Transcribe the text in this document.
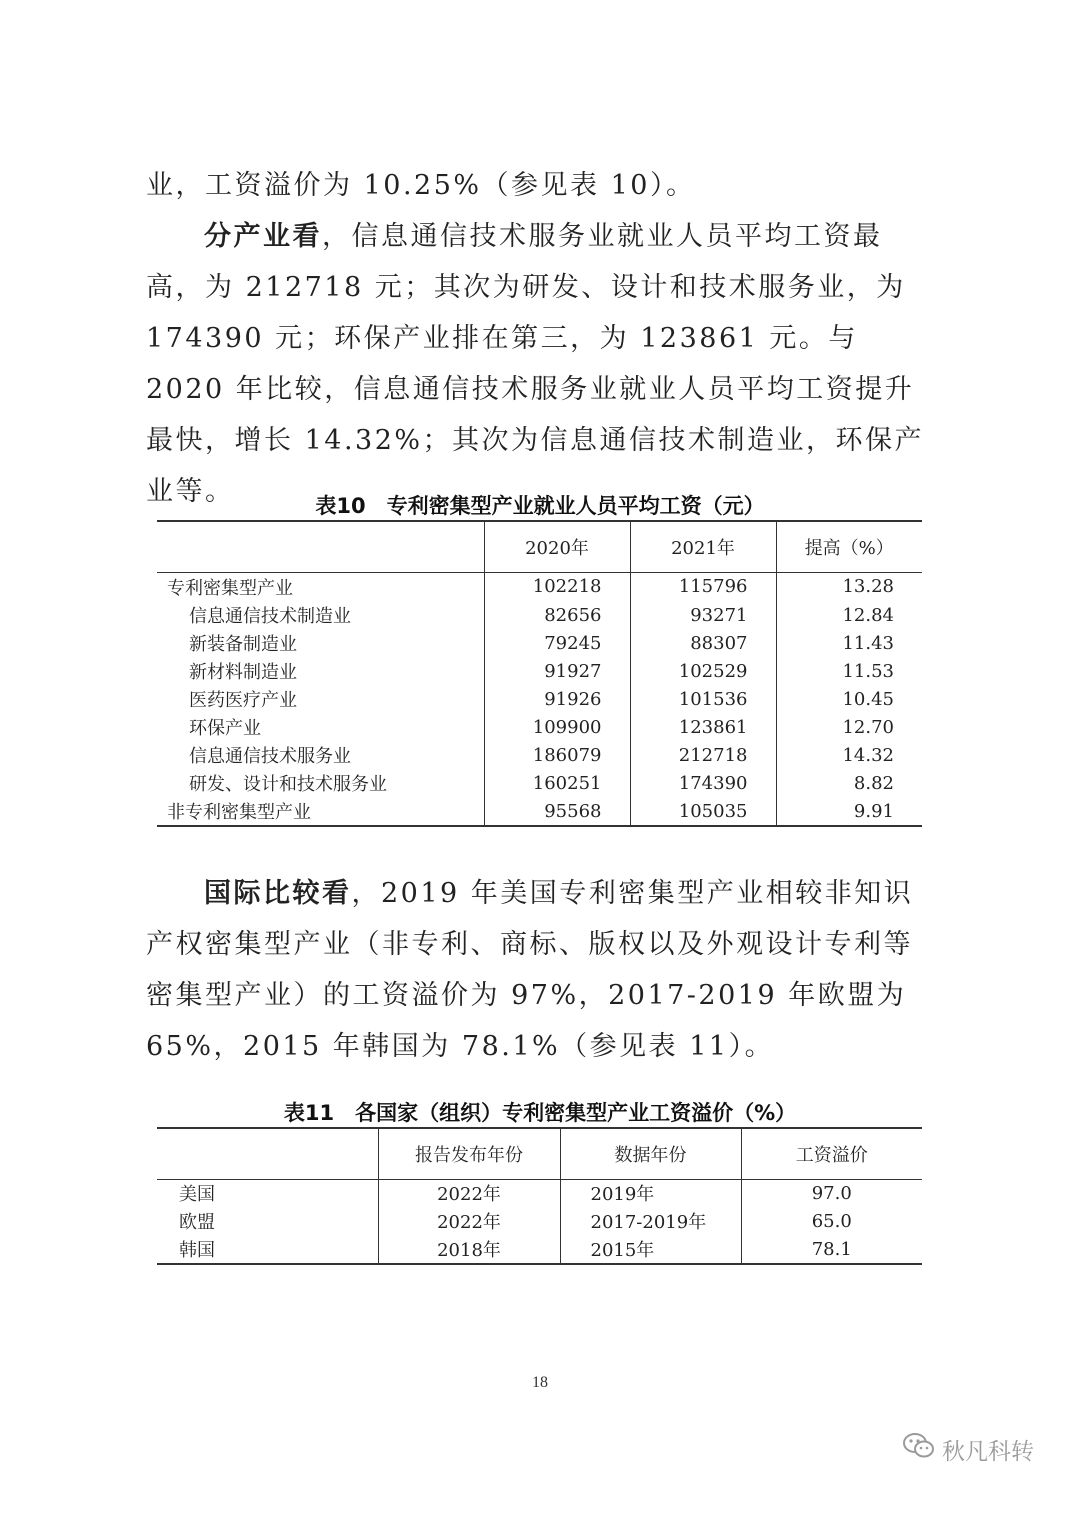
业，工资溢价为 10.25%（参见表 10）。

分产业看，信息通信技术服务业就业人员平均工资最高，为 212718 元；其次为研发、设计和技术服务业，为 174390 元；环保产业排在第三，为 123861 元。与 2020 年比较，信息通信技术服务业就业人员平均工资提升最快，增长 14.32%；其次为信息通信技术制造业，环保产业等。	表10　专利密集型产业就业人员平均工资（元）
	2020年	2021年	提高（%）
专利密集型产业	102218	115796	13.28
信息通信技术制造业	82656	93271	12.84
新装备制造业	79245	88307	11.43
新材料制造业	91927	102529	11.53
医药医疗产业	91926	101536	10.45
环保产业	109900	123861	12.70
信息通信技术服务业	186079	212718	14.32
研发、设计和技术服务业	160251	174390	8.82
非专利密集型产业	95568	105035	9.91

国际比较看，2019 年美国专利密集型产业相较非知识产权密集型产业（非专利、商标、版权以及外观设计专利等密集型产业）的工资溢价为 97%，2017-2019 年欧盟为 65%，2015 年韩国为 78.1%（参见表 11）。

表11　各国家（组织）专利密集型产业工资溢价（%）
	报告发布年份	数据年份	工资溢价
美国	2022年	2019年	97.0
欧盟	2022年	2017-2019年	65.0
韩国	2018年	2015年	78.1
18
秋凡科转
